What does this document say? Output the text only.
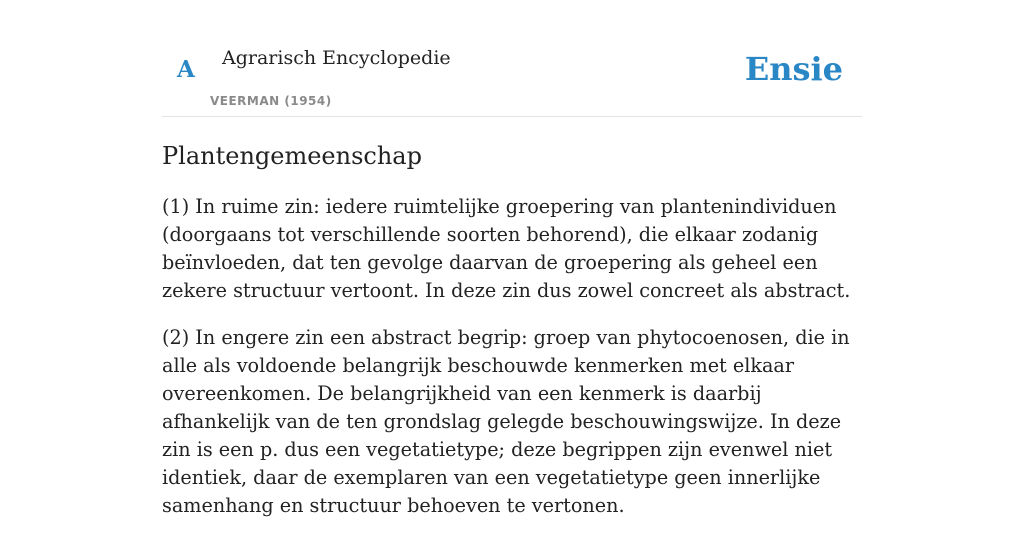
A Agrarisch Encyclopedie
VEERMAN (1954)
Ensie
Plantengemeenschap

(1) In ruime zin: iedere ruimtelijke groepering van plantenindividuen (doorgaans tot verschillende soorten behorend), die elkaar zodanig beïnvloeden, dat ten gevolge daarvan de groepering als geheel een zekere structuur vertoont. In deze zin dus zowel concreet als abstract.

(2) In engere zin een abstract begrip: groep van phytocoenosen, die in alle als voldoende belangrijk beschouwde kenmerken met elkaar overeenkomen. De belangrijkheid van een kenmerk is daarbij afhankelijk van de ten grondslag gelegde beschouwingswijze. In deze zin is een p. dus een vegetatietype; deze begrippen zijn evenwel niet identiek, daar de exemplaren van een vegetatietype geen innerlijke samenhang en structuur behoeven te vertonen.
